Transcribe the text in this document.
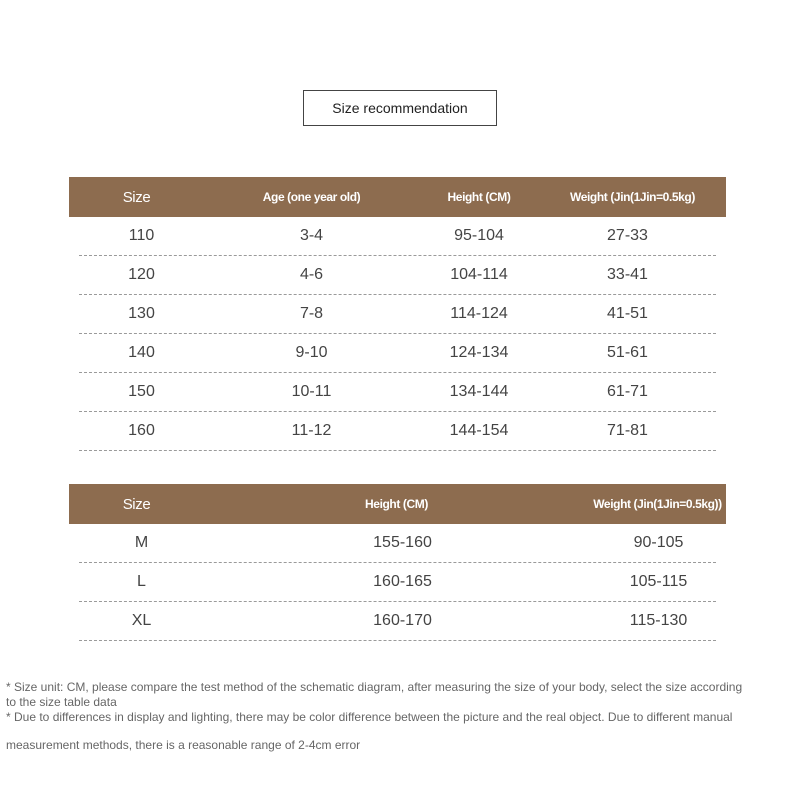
Size recommendation
Size	Age (one year old)	Height (CM)	Weight (Jin(1Jin=0.5kg)
110	3-4	95-104	27-33
120	4-6	104-114	33-41
130	7-8	114-124	41-51
140	9-10	124-134	51-61
150	10-11	134-144	61-71
160	11-12	144-154	71-81
Size	Height (CM)	Weight (Jin(1Jin=0.5kg))
M	155-160	90-105
L	160-165	105-115
XL	160-170	115-130
* Size unit: CM, please compare the test method of the schematic diagram, after measuring the size of your body, select the size according
to the size table data
* Due to differences in display and lighting, there may be color difference between the picture and the real object. Due to different manual
measurement methods, there is a reasonable range of 2-4cm error
